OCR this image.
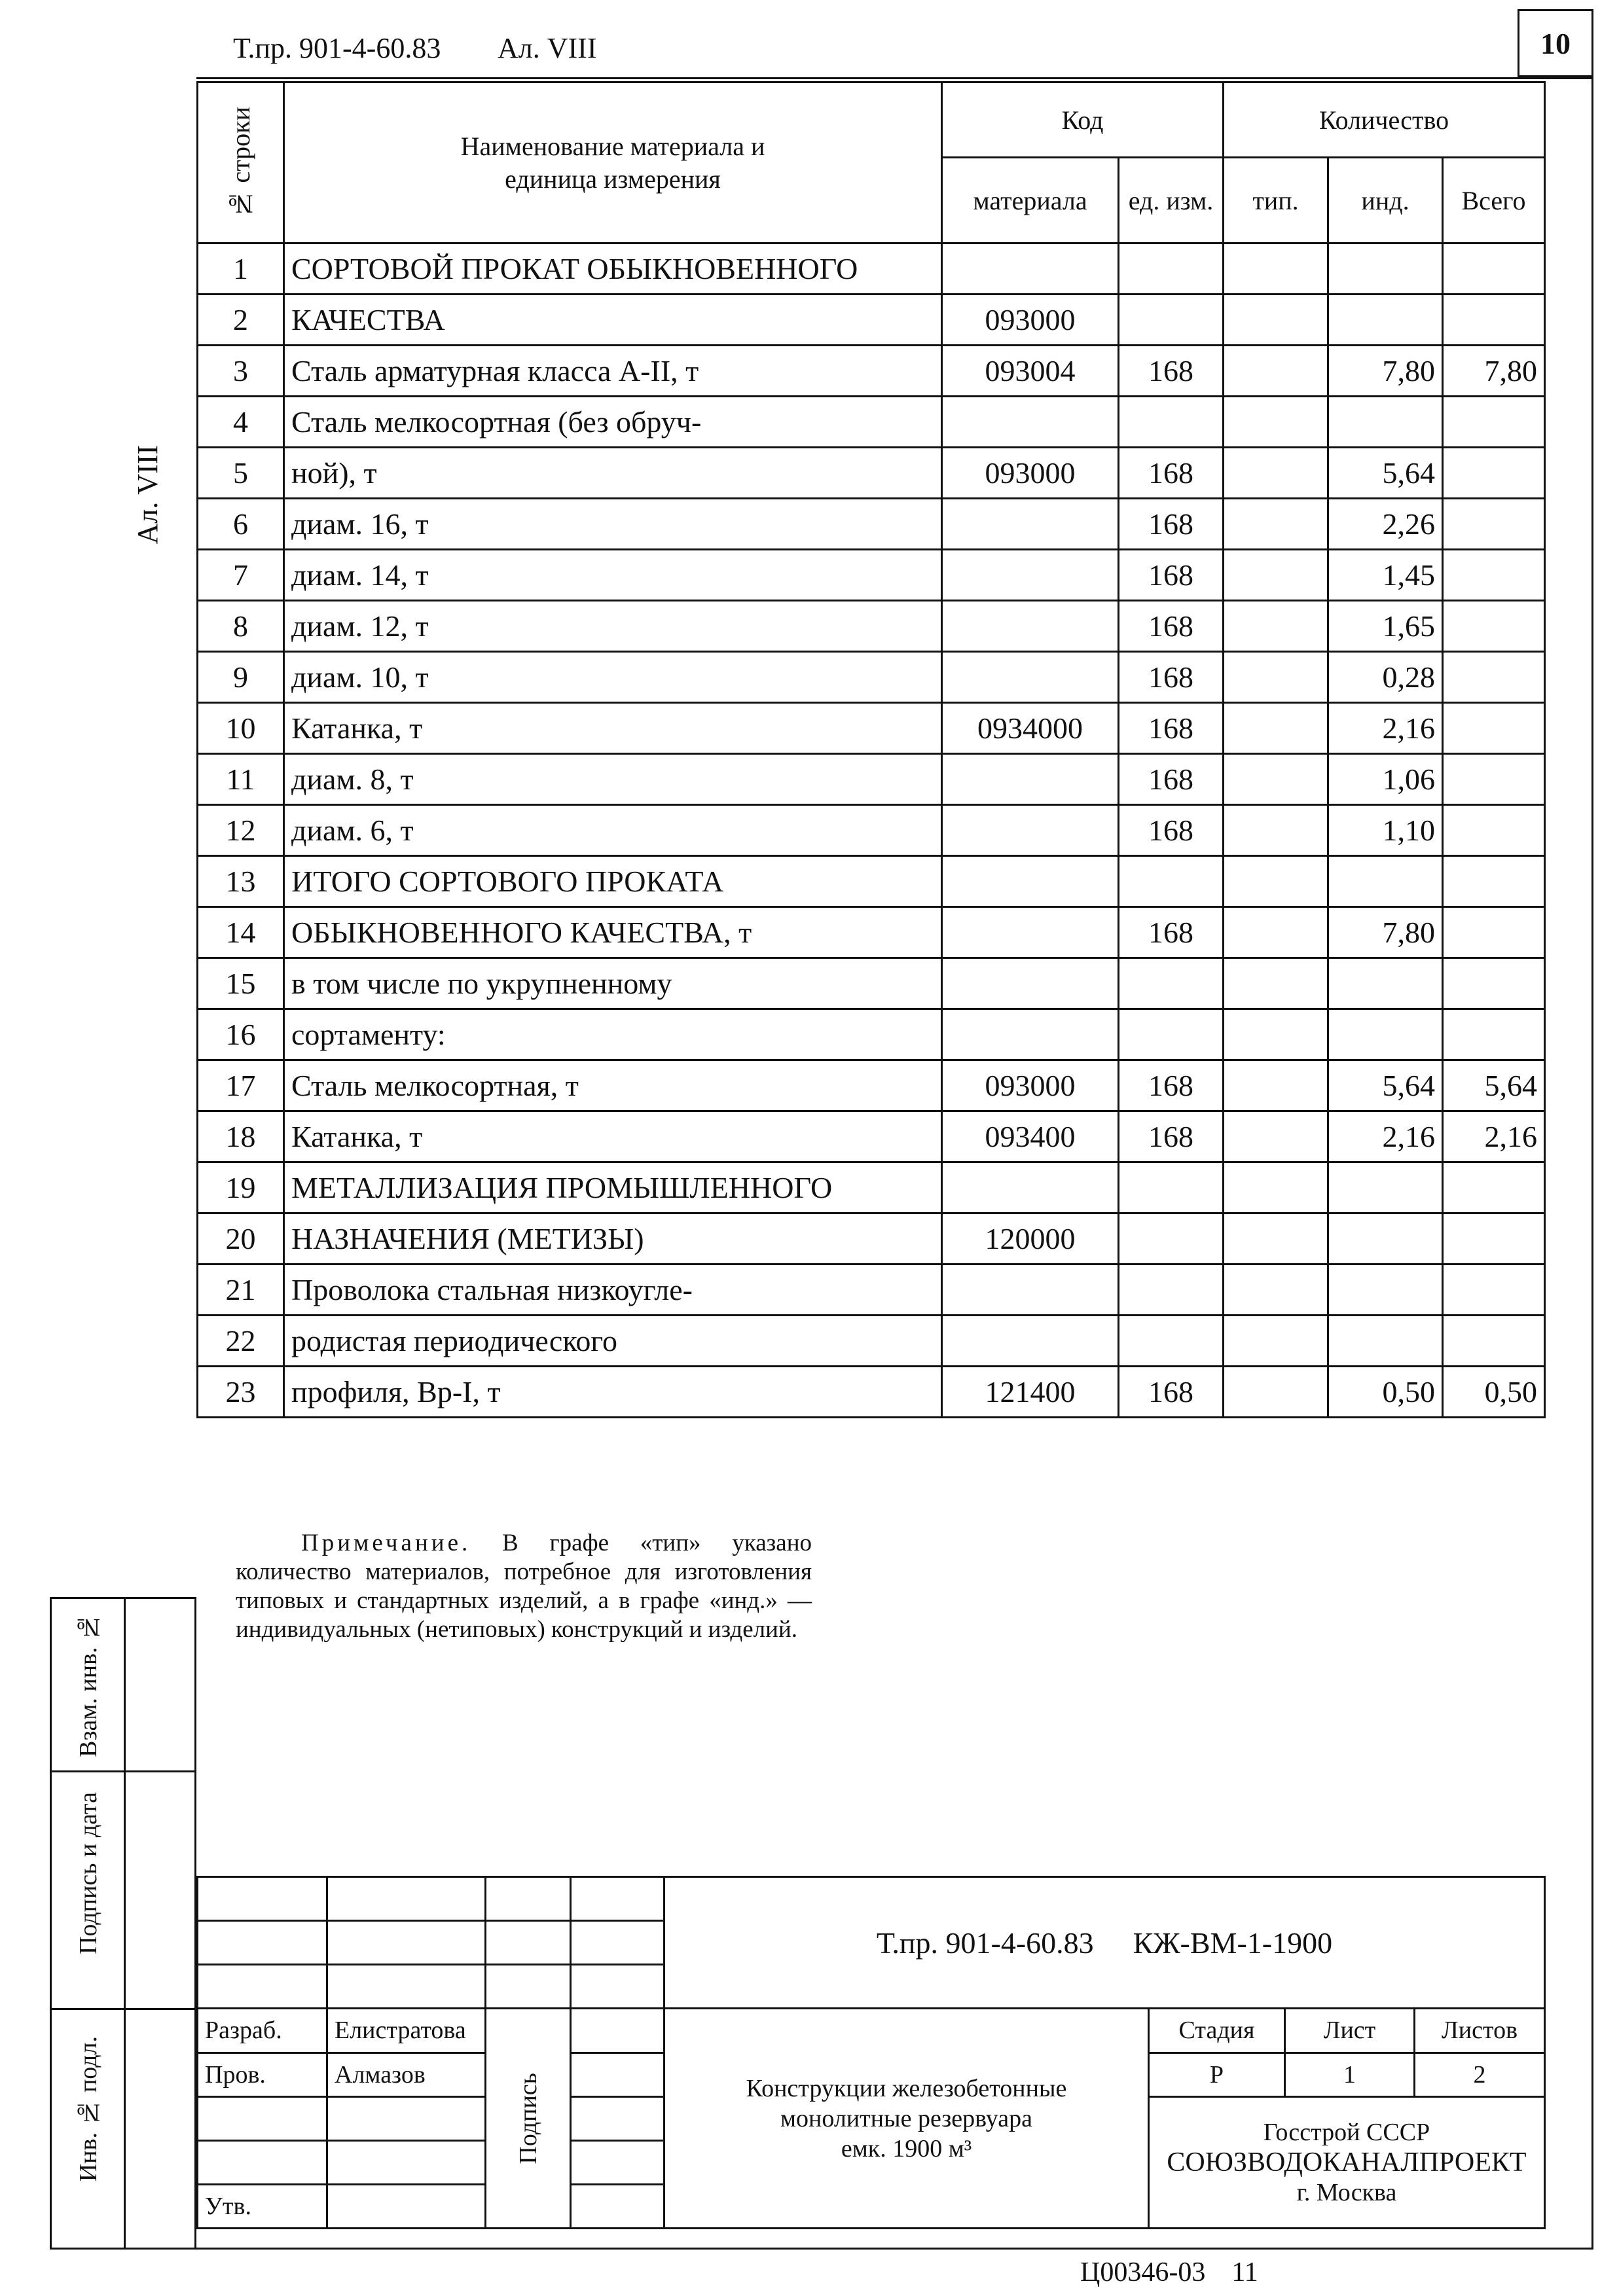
Т.пр. 901-4-60.83 Ал. VIII	10
Ал. VIII
№ строки	Наименование материала и единица измерения	Код		Количество		
		материала	ед. изм.	тип.	инд.	Всего
1	СОРТОВОЙ ПРОКАТ ОБЫКНОВЕННОГО					
2	КАЧЕСТВА	093000				
3	Сталь арматурная класса А-II, т	093004	168		7,80	7,80
4	Сталь мелкосортная (без обруч-					
5	ной), т	093000	168		5,64	
6	диам. 16, т		168		2,26	
7	диам. 14, т		168		1,45	
8	диам. 12, т		168		1,65	
9	диам. 10, т		168		0,28	
10	Катанка, т	0934000	168		2,16	
11	диам. 8, т		168		1,06	
12	диам. 6, т		168		1,10	
13	ИТОГО СОРТОВОГО ПРОКАТА					
14	ОБЫКНОВЕННОГО КАЧЕСТВА, т		168		7,80	
15	в том числе по укрупненному					
16	сортаменту:					
17	Сталь мелкосортная, т	093000	168		5,64	5,64
18	Катанка, т	093400	168		2,16	2,16
19	МЕТАЛЛИЗАЦИЯ ПРОМЫШЛЕННОГО					
20	НАЗНАЧЕНИЯ (МЕТИЗЫ)	120000				
21	Проволока стальная низкоугле-					
22	родистая периодического					
23	профиля, Вр-I, т	121400	168		0,50	0,50
Примечание. В графе «тип» указано количество материалов, потребное для изготовления типовых и стандартных изделий, а в графе «инд.» — индивидуальных (нетиповых) конструкций и изделий.
Взам. инв. №
Подпись и дата
Инв. № подл.
				Т.пр. 901-4-60.83 КЖ-ВМ-1-1900			

Разраб.	Елистратова	Подпись		Конструкции железобетонные
монолитные резервуара
емк. 1900 м³	Стадия	Лист	Листов
Пров.	Алмазов				Р	1	2

					Госстрой СССР
СОЮЗВОДОКАНАЛПРОЕКТ
г. Москва		

Утв.							
Ц00346-03 11
